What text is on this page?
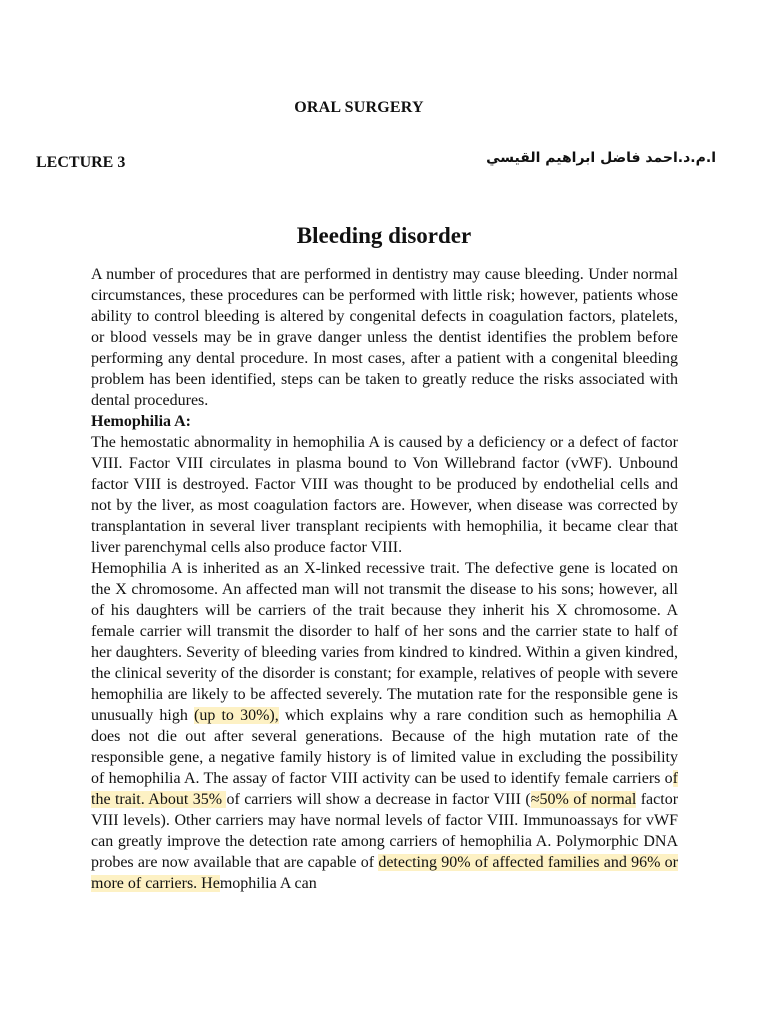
ORAL SURGERY
LECTURE 3	ا.م.د.احمد فاضل ابراهيم القيسي
Bleeding disorder

A number of procedures that are performed in dentistry may cause bleeding. Under normal circumstances, these procedures can be performed with little risk; however, patients whose ability to control bleeding is altered by congenital defects in coagulation factors, platelets, or blood vessels may be in grave danger unless the dentist identifies the problem before performing any dental procedure. In most cases, after a patient with a congenital bleeding problem has been identified, steps can be taken to greatly reduce the risks associated with dental procedures.

Hemophilia A:

The hemostatic abnormality in hemophilia A is caused by a deficiency or a defect of factor VIII. Factor VIII circulates in plasma bound to Von Willebrand factor (vWF). Unbound factor VIII is destroyed. Factor VIII was thought to be produced by endothelial cells and not by the liver, as most coagulation factors are. However, when disease was corrected by transplantation in several liver transplant recipients with hemophilia, it became clear that liver parenchymal cells also produce factor VIII.

Hemophilia A is inherited as an X-linked recessive trait. The defective gene is located on the X chromosome. An affected man will not transmit the disease to his sons; however, all of his daughters will be carriers of the trait because they inherit his X chromosome. A female carrier will transmit the disorder to half of her sons and the carrier state to half of her daughters. Severity of bleeding varies from kindred to kindred. Within a given kindred, the clinical severity of the disorder is constant; for example, relatives of people with severe hemophilia are likely to be affected severely. The mutation rate for the responsible gene is unusually high (up to 30%), which explains why a rare condition such as hemophilia A does not die out after several generations. Because of the high mutation rate of the responsible gene, a negative family history is of limited value in excluding the possibility of hemophilia A. The assay of factor VIII activity can be used to identify female carriers of the trait. About 35% of carriers will show a decrease in factor VIII (≈50% of normal factor VIII levels). Other carriers may have normal levels of factor VIII. Immunoassays for vWF can greatly improve the detection rate among carriers of hemophilia A. Polymorphic DNA probes are now available that are capable of detecting 90% of affected families and 96% or more of carriers. Hemophilia A can
